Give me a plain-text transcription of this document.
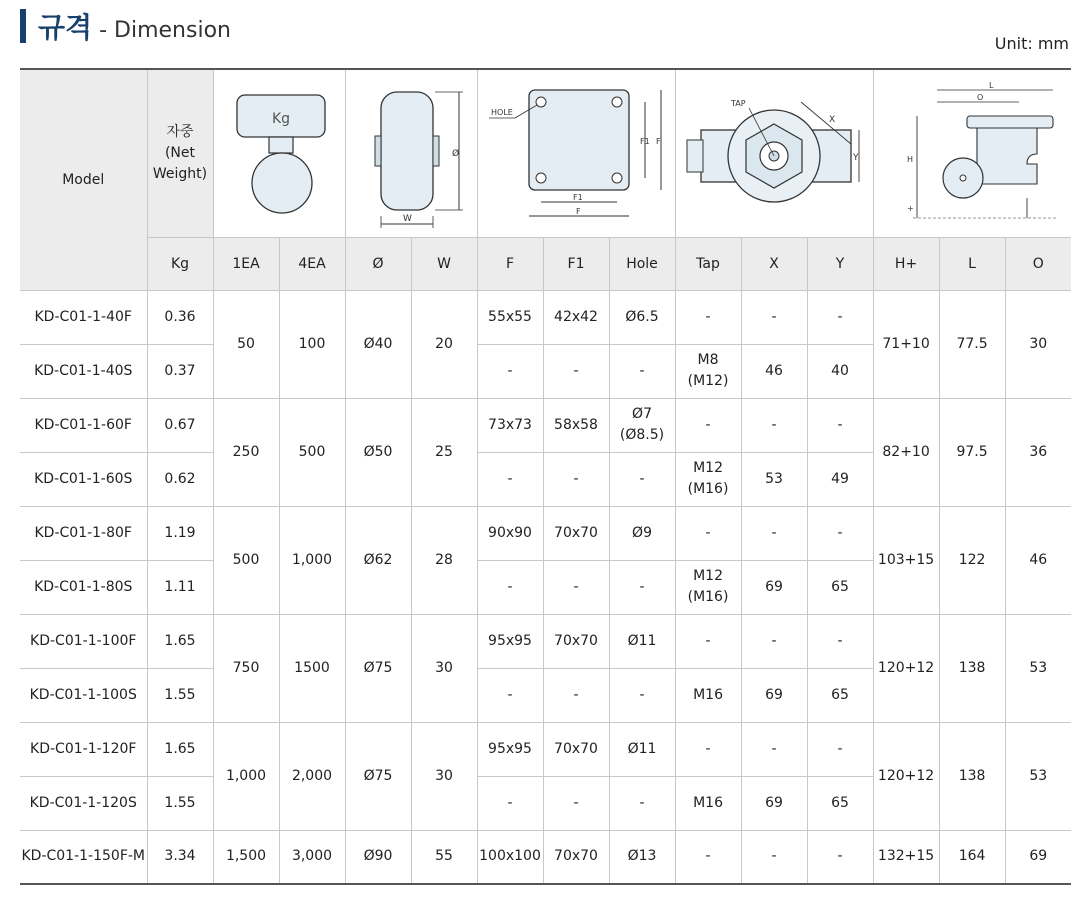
규격 - Dimension
Unit: mm
Model	자중
(Net
Weight)	Kg		Ø
W		HOLE
F1 F
F1
F			TAP
X
Y			L
O
H
+		

	Kg	1EA	4EA	Ø	W	F	F1	Hole	Tap	X	Y	H+	L	O
KD-C01-1-40F	0.36	50	100	Ø40	20	55x55	42x42	Ø6.5	-	-	-	71+10	77.5	30
KD-C01-1-40S	0.37					-	-	-	M8
(M12)	46	40			
KD-C01-1-60F	0.67	250	500	Ø50	25	73x73	58x58	Ø7
(Ø8.5)	-	-	-	82+10	97.5	36
KD-C01-1-60S	0.62					-	-	-	M12
(M16)	53	49			
KD-C01-1-80F	1.19	500	1,000	Ø62	28	90x90	70x70	Ø9	-	-	-	103+15	122	46
KD-C01-1-80S	1.11					-	-	-	M12
(M16)	69	65			
KD-C01-1-100F	1.65	750	1500	Ø75	30	95x95	70x70	Ø11	-	-	-	120+12	138	53
KD-C01-1-100S	1.55					-	-	-	M16	69	65			
KD-C01-1-120F	1.65	1,000	2,000	Ø75	30	95x95	70x70	Ø11	-	-	-	120+12	138	53
KD-C01-1-120S	1.55					-	-	-	M16	69	65			
KD-C01-1-150F-M	3.34	1,500	3,000	Ø90	55	100x100	70x70	Ø13	-	-	-	132+15	164	69
